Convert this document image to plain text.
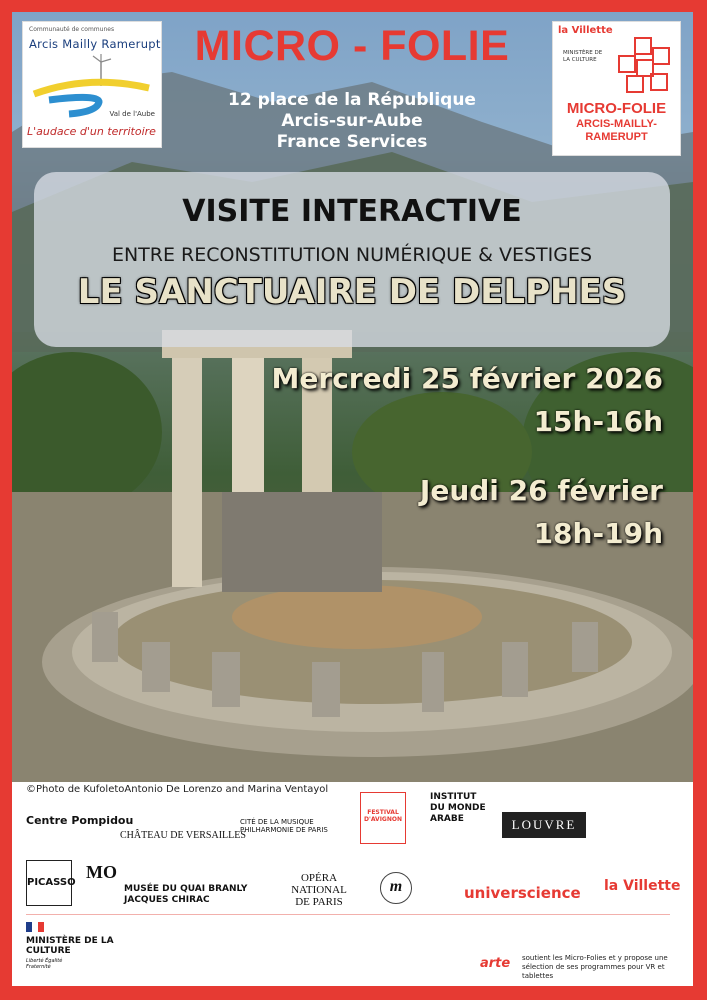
Communauté de communes
Arcis Mailly Ramerupt
Val de l'Aube
L'audace d'un territoire
MICRO - FOLIE
12 place de la République
Arcis-sur-Aube
France Services
la Villette
MINISTÈRE DE LA CULTURE
MICRO-FOLIE
ARCIS-MAILLY-RAMERUPT
VISITE INTERACTIVE
ENTRE RECONSTITUTION NUMÉRIQUE & VESTIGES
LE SANCTUAIRE DE DELPHES
Mercredi 25 février 2026
15h-16h
Jeudi 26 février
18h-19h
©Photo de KufoletoAntonio De Lorenzo and Marina Ventayol
Centre Pompidou
CHÂTEAU DE VERSAILLES
CITÉ DE LA MUSIQUE PHILHARMONIE DE PARIS
FESTIVAL D'AVIGNON
INSTITUT DU MONDE ARABE	LOUVRE
PICASSO
MO
MUSÉE DU QUAI BRANLY JACQUES CHIRAC
OPÉRA NATIONAL DE PARIS
m	universcience la Villette
MINISTÈRE DE LA CULTURE
Liberté Égalité Fraternité	arte soutient les Micro-Folies et y propose une sélection de ses programmes pour VR et tablettes
